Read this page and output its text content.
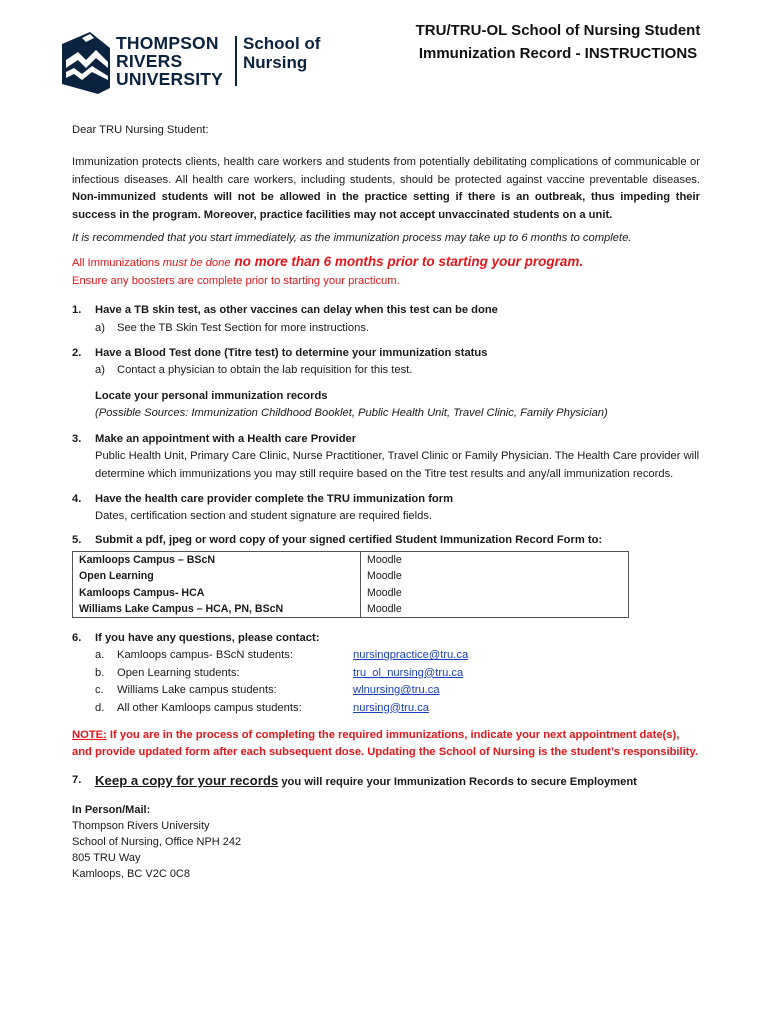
THOMPSON
RIVERS
UNIVERSITY
School of
Nursing
TRU/TRU-OL School of Nursing Student
Immunization Record - INSTRUCTIONS

Dear TRU Nursing Student:

Immunization protects clients, health care workers and students from potentially debilitating complications of communicable or infectious diseases. All health care workers, including students, should be protected against vaccine preventable diseases. Non-immunized students will not be allowed in the practice setting if there is an outbreak, thus impeding their success in the program. Moreover, practice facilities may not accept unvaccinated students on a unit.

It is recommended that you start immediately, as the immunization process may take up to 6 months to complete.

All Immunizations must be done no more than 6 months prior to starting your program.

Ensure any boosters are complete prior to starting your practicum.

1.	Have a TB skin test, as other vaccines can delay when this test can be done
a)	See the TB Skin Test Section for more instructions.
2.	Have a Blood Test done (Titre test) to determine your immunization status
a)	Contact a physician to obtain the lab requisition for this test.
Locate your personal immunization records
(Possible Sources: Immunization Childhood Booklet, Public Health Unit, Travel Clinic, Family Physician)
3.	Make an appointment with a Health care Provider
Public Health Unit, Primary Care Clinic, Nurse Practitioner, Travel Clinic or Family Physician. The Health Care provider will determine which immunizations you may still require based on the Titre test results and any/all immunization records.
4.	Have the health care provider complete the TRU immunization form
Dates, certification section and student signature are required fields.
5.	Submit a pdf, jpeg or word copy of your signed certified Student Immunization Record Form to:
Kamloops Campus – BScN	Moodle
Open Learning	Moodle
Kamloops Campus- HCA	Moodle
Williams Lake Campus – HCA, PN, BScN	Moodle
6.	If you have any questions, please contact:
a.	Kamloops campus- BScN students:	nursingpractice@tru.ca
b.	Open Learning students:	tru_ol_nursing@tru.ca
c.	Williams Lake campus students:	wlnursing@tru.ca
d.	All other Kamloops campus students:	nursing@tru.ca

NOTE: If you are in the process of completing the required immunizations, indicate your next appointment date(s), and provide updated form after each subsequent dose. Updating the School of Nursing is the student’s responsibility.

7.	Keep a copy for your records you will require your Immunization Records to secure Employment
In Person/Mail:
Thompson Rivers University
School of Nursing, Office NPH 242
805 TRU Way
Kamloops, BC V2C 0C8
